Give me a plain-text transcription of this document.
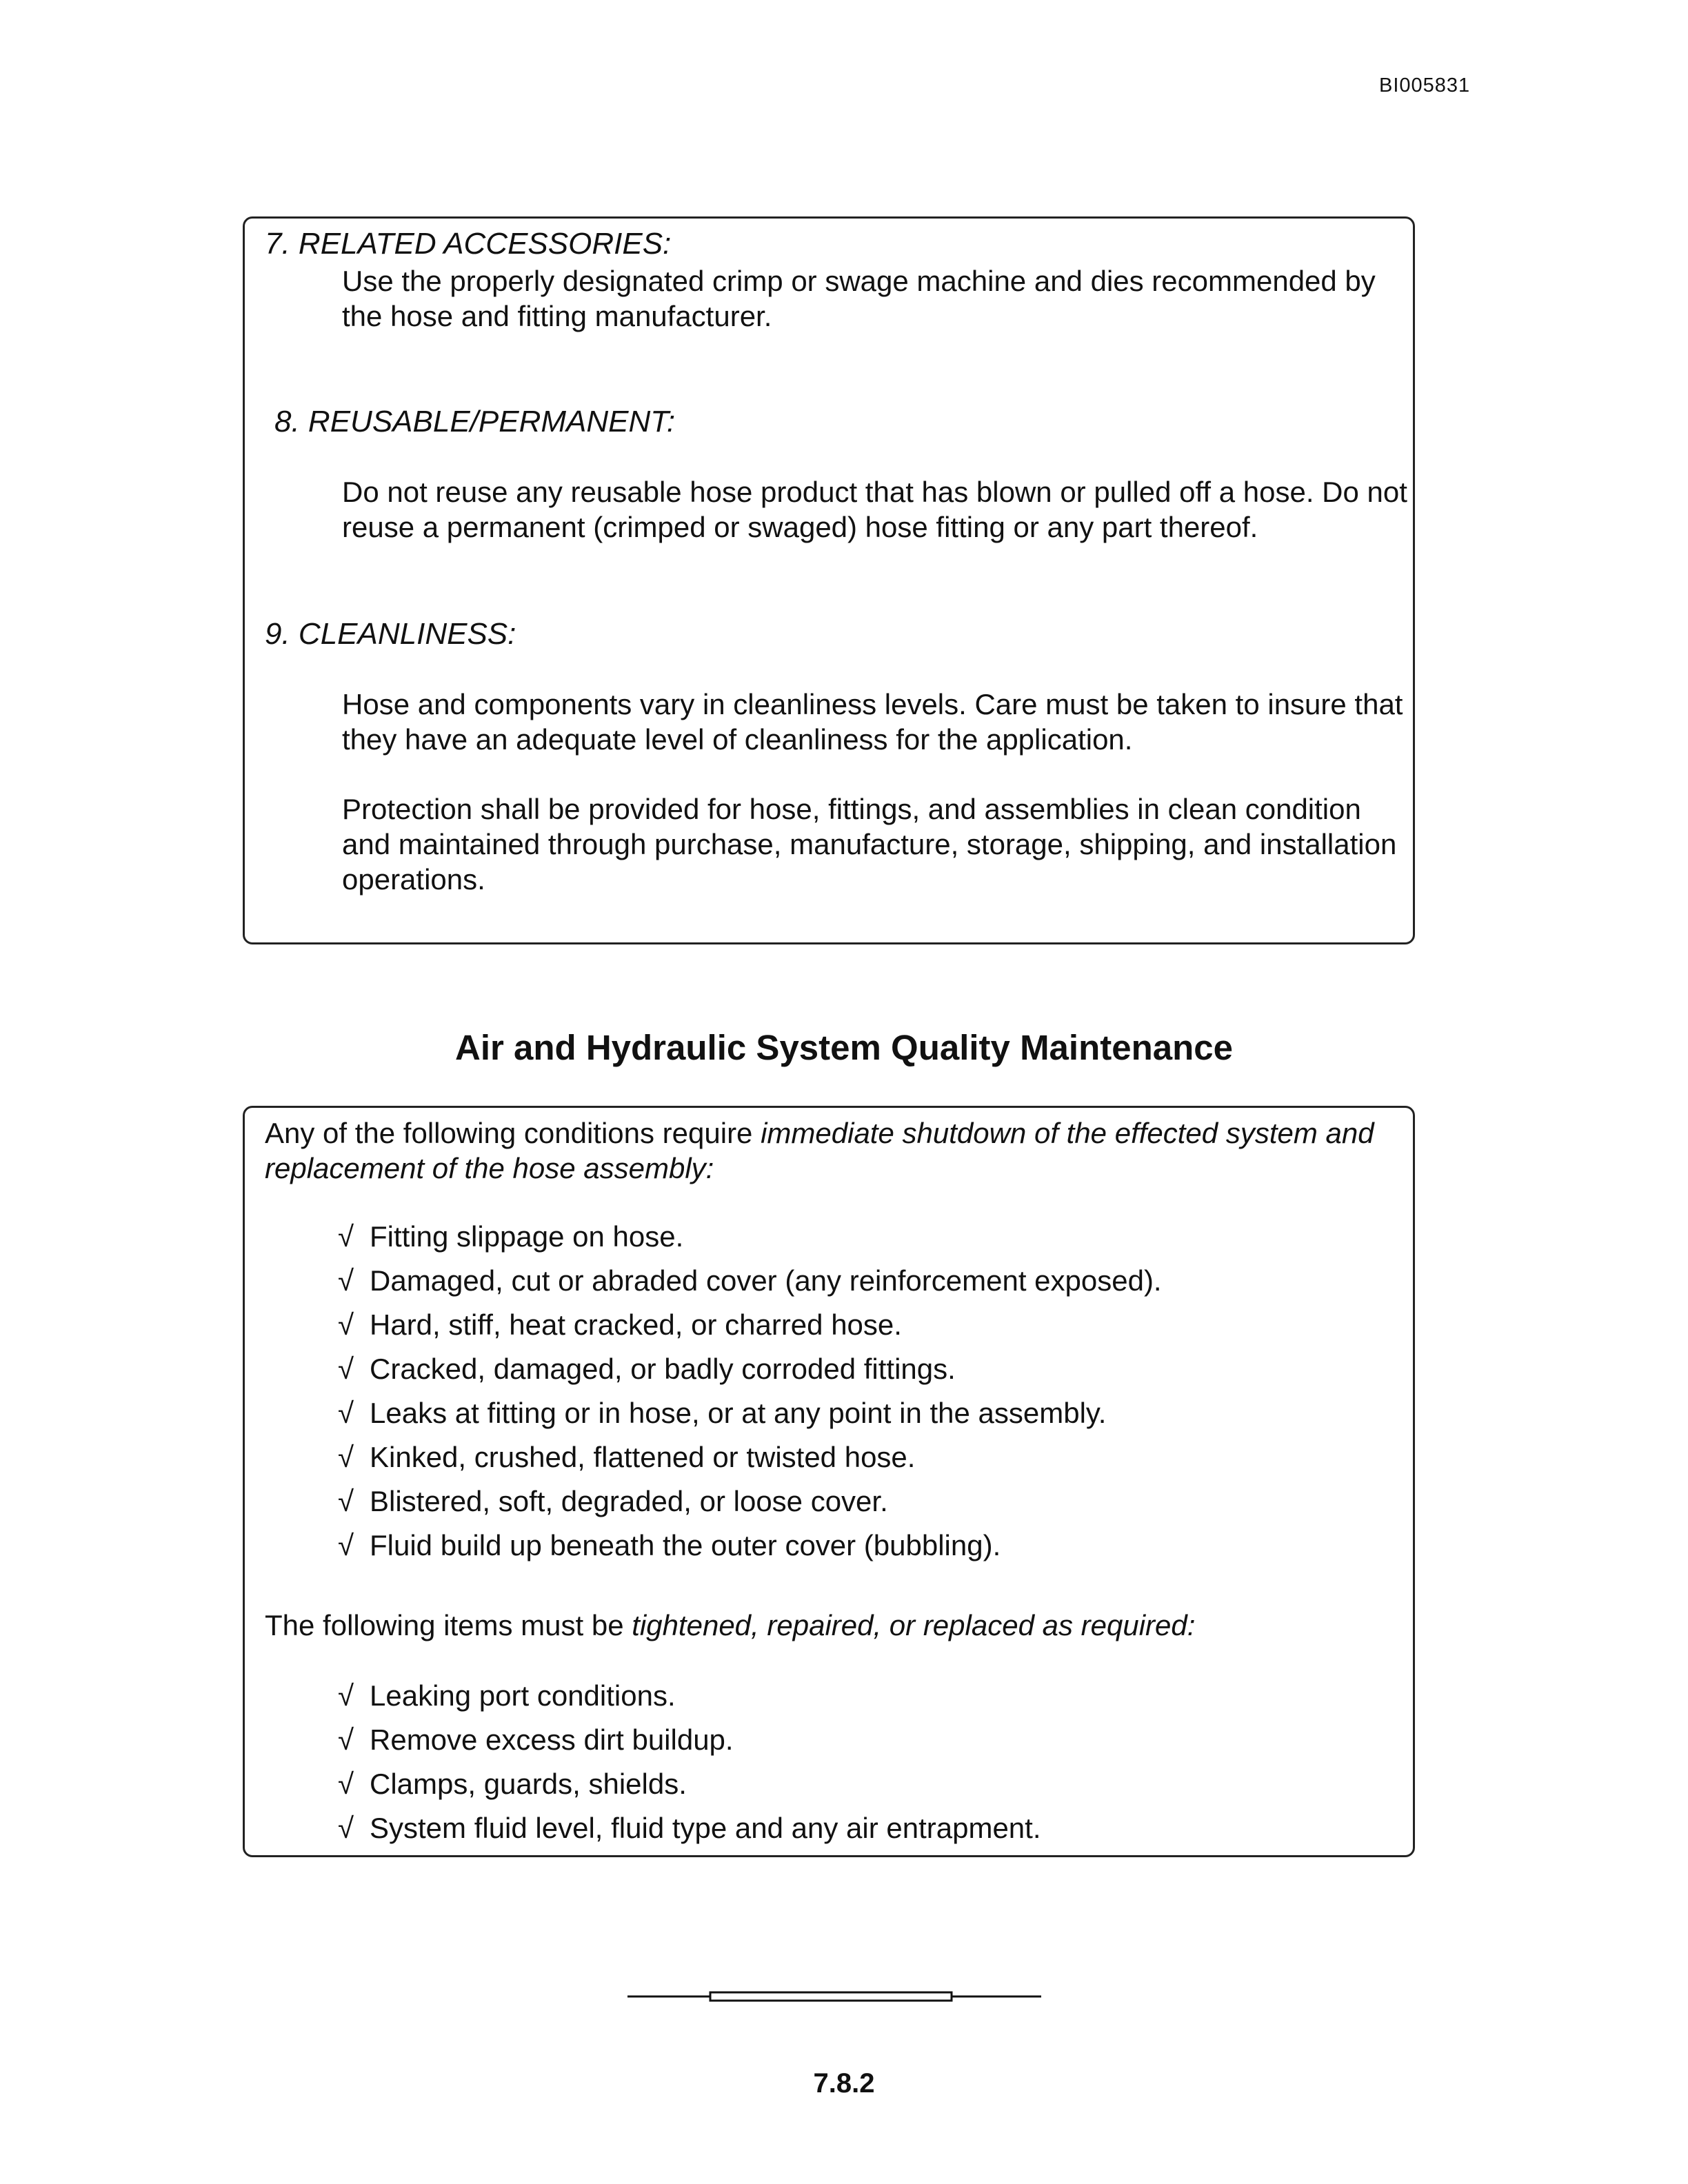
BI005831
7. RELATED ACCESSORIES:
Use the properly designated crimp or swage machine and dies recommended by
the hose and fitting manufacturer.
8. REUSABLE/PERMANENT:
Do not reuse any reusable hose product that has blown or pulled off a hose. Do not
reuse a permanent (crimped or swaged) hose fitting or any part thereof.
9. CLEANLINESS:
Hose and components vary in cleanliness levels. Care must be taken to insure that
they have an adequate level of cleanliness for the application.
Protection shall be provided for hose, fittings, and assemblies in clean condition
and maintained through purchase, manufacture, storage, shipping, and installation
operations.
Air and Hydraulic System Quality Maintenance
Any of the following conditions require immediate shutdown of the effected system and
replacement of the hose assembly:
√ Fitting slippage on hose.
√ Damaged, cut or abraded cover (any reinforcement exposed).
√ Hard, stiff, heat cracked, or charred hose.
√ Cracked, damaged, or badly corroded fittings.
√ Leaks at fitting or in hose, or at any point in the assembly.
√ Kinked, crushed, flattened or twisted hose.
√ Blistered, soft, degraded, or loose cover.
√ Fluid build up beneath the outer cover (bubbling).
The following items must be tightened, repaired, or replaced as required:
√ Leaking port conditions.
√ Remove excess dirt buildup.
√ Clamps, guards, shields.
√ System fluid level, fluid type and any air entrapment.
7.8.2
